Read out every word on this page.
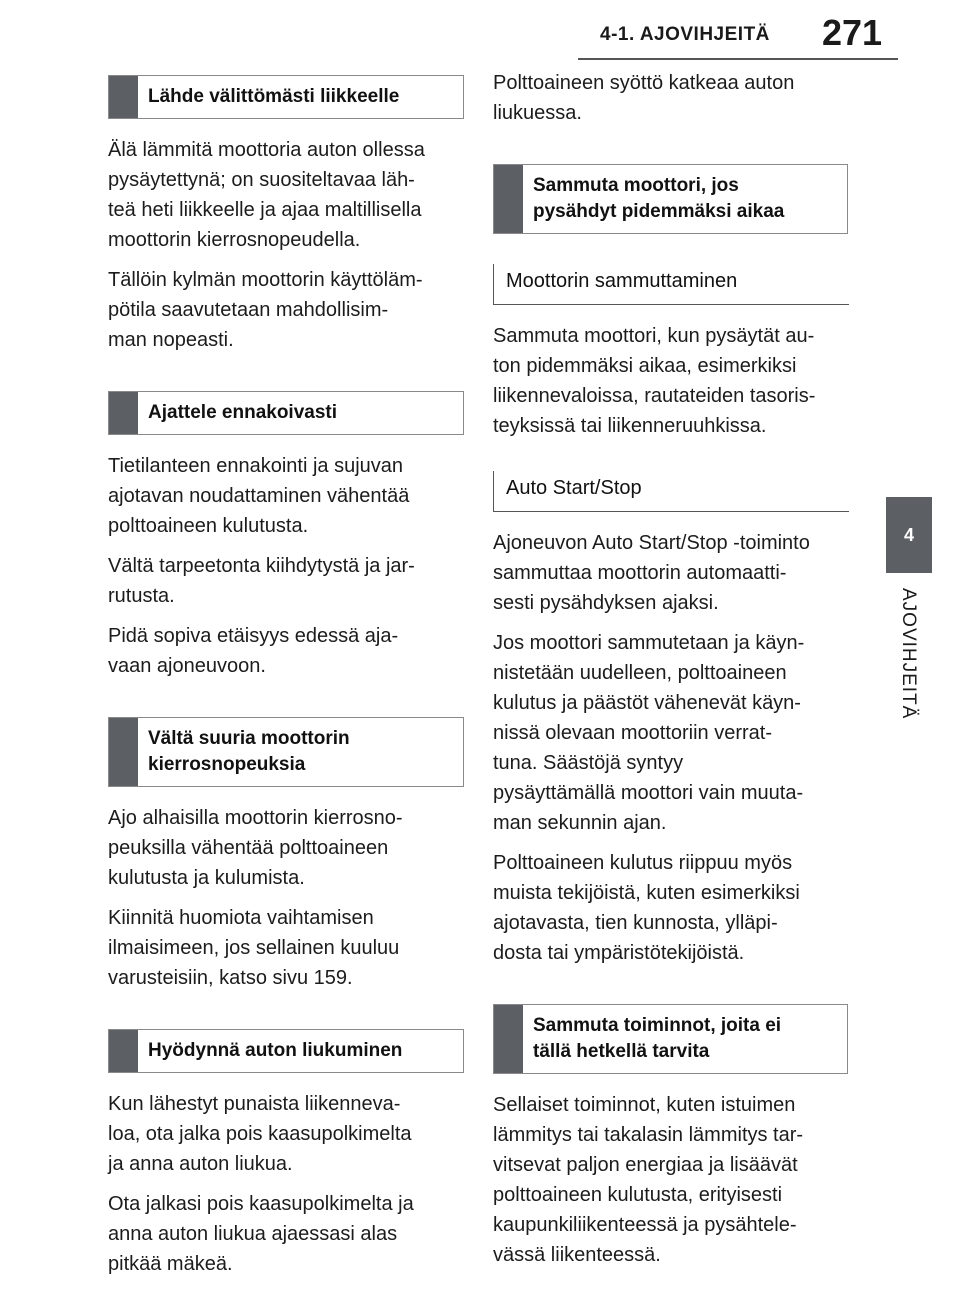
4-1. AJOVIHJEITÄ 271
4
AJOVIHJEITÄ
Lähde välittömästi liikkeelle

Älä lämmitä moottoria auton ollessa
pysäytettynä; on suositeltavaa läh-
teä heti liikkeelle ja ajaa maltillisella
moottorin kierrosnopeudella.

Tällöin kylmän moottorin käyttöläm-
pötila saavutetaan mahdollisim-
man nopeasti.

Ajattele ennakoivasti

Tietilanteen ennakointi ja sujuvan
ajotavan noudattaminen vähentää
polttoaineen kulutusta.

Vältä tarpeetonta kiihdytystä ja jar-
rutusta.

Pidä sopiva etäisyys edessä aja-
vaan ajoneuvoon.

Vältä suuria moottorin
kierrosnopeuksia

Ajo alhaisilla moottorin kierrosno-
peuksilla vähentää polttoaineen
kulutusta ja kulumista.

Kiinnitä huomiota vaihtamisen
ilmaisimeen, jos sellainen kuuluu
varusteisiin, katso sivu 159.

Hyödynnä auton liukuminen

Kun lähestyt punaista liikenneva-
loa, ota jalka pois kaasupolkimelta
ja anna auton liukua.

Ota jalkasi pois kaasupolkimelta ja
anna auton liukua ajaessasi alas
pitkää mäkeä.

Polttoaineen syöttö katkeaa auton
liukuessa.

Sammuta moottori, jos
pysähdyt pidemmäksi aikaa
Moottorin sammuttaminen

Sammuta moottori, kun pysäytät au-
ton pidemmäksi aikaa, esimerkiksi
liikennevaloissa, rautateiden tasoris-
teyksissä tai liikenneruuhkissa.

Auto Start/Stop

Ajoneuvon Auto Start/Stop -toiminto
sammuttaa moottorin automaatti-
sesti pysähdyksen ajaksi.

Jos moottori sammutetaan ja käyn-
nistetään uudelleen, polttoaineen
kulutus ja päästöt vähenevät käyn-
nissä olevaan moottoriin verrat-
tuna. Säästöjä syntyy
pysäyttämällä moottori vain muuta-
man sekunnin ajan.

Polttoaineen kulutus riippuu myös
muista tekijöistä, kuten esimerkiksi
ajotavasta, tien kunnosta, ylläpi-
dosta tai ympäristötekijöistä.

Sammuta toiminnot, joita ei
tällä hetkellä tarvita

Sellaiset toiminnot, kuten istuimen
lämmitys tai takalasin lämmitys tar-
vitsevat paljon energiaa ja lisäävät
polttoaineen kulutusta, erityisesti
kaupunkiliikenteessä ja pysähtele-
vässä liikenteessä.
